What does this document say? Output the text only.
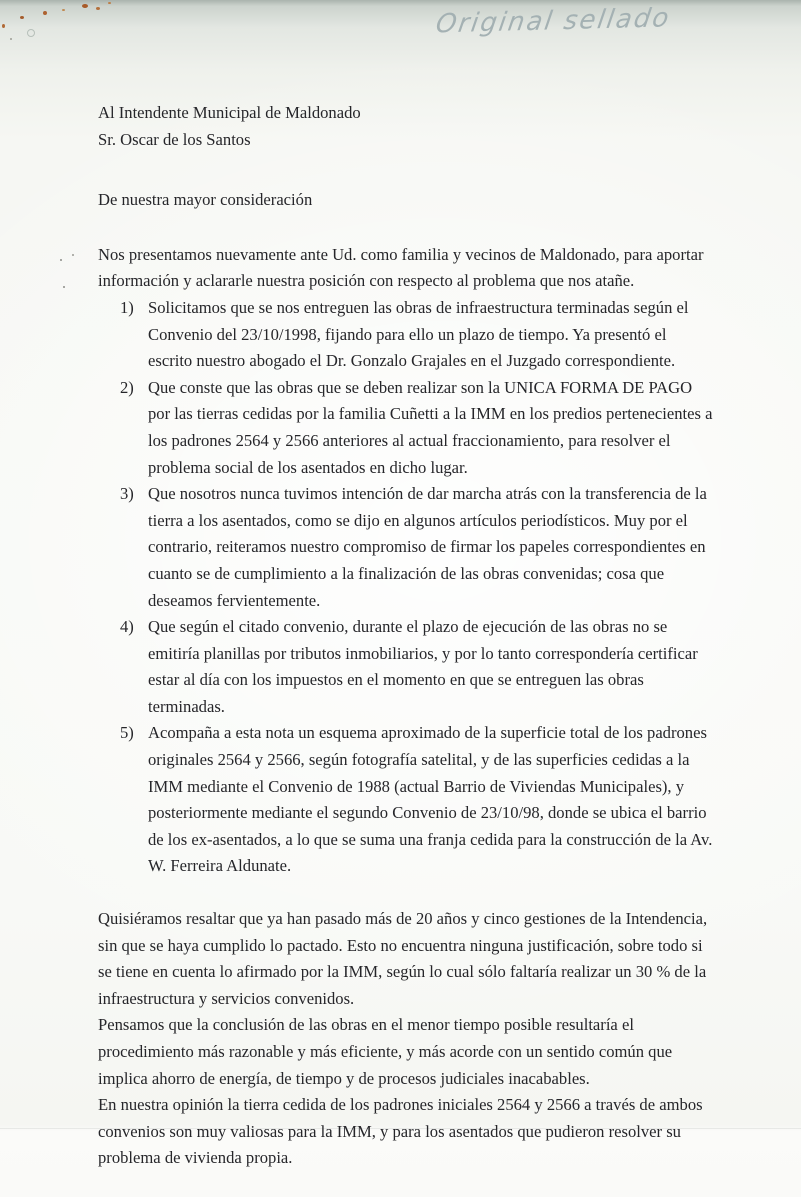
Original sellado

Al Intendente Municipal de Maldonado

Sr. Oscar de los Santos

De nuestra mayor consideración

Nos presentamos nuevamente ante Ud. como familia y vecinos de Maldonado, para aportar información y aclararle nuestra posición con respecto al problema que nos atañe.

1) Solicitamos que se nos entreguen las obras de infraestructura terminadas según el Convenio del 23/10/1998, fijando para ello un plazo de tiempo. Ya presentó el escrito nuestro abogado el Dr. Gonzalo Grajales en el Juzgado correspondiente.
2) Que conste que las obras que se deben realizar son la UNICA FORMA DE PAGO por las tierras cedidas por la familia Cuñetti a la IMM en los predios pertenecientes a los padrones 2564 y 2566 anteriores al actual fraccionamiento, para resolver el problema social de los asentados en dicho lugar.
3) Que nosotros nunca tuvimos intención de dar marcha atrás con la transferencia de la tierra a los asentados, como se dijo en algunos artículos periodísticos. Muy por el contrario, reiteramos nuestro compromiso de firmar los papeles correspondientes en cuanto se de cumplimiento a la finalización de las obras convenidas; cosa que deseamos fervientemente.
4) Que según el citado convenio, durante el plazo de ejecución de las obras no se emitiría planillas por tributos inmobiliarios, y por lo tanto correspondería certificar estar al día con los impuestos en el momento en que se entreguen las obras terminadas.
5) Acompaña a esta nota un esquema aproximado de la superficie total de los padrones originales 2564 y 2566, según fotografía satelital, y de las superficies cedidas a la IMM mediante el Convenio de 1988 (actual Barrio de Viviendas Municipales), y posteriormente mediante el segundo Convenio de 23/10/98, donde se ubica el barrio de los ex-asentados, a lo que se suma una franja cedida para la construcción de la Av. W. Ferreira Aldunate.

Quisiéramos resaltar que ya han pasado más de 20 años y cinco gestiones de la Intendencia, sin que se haya cumplido lo pactado. Esto no encuentra ninguna justificación, sobre todo si se tiene en cuenta lo afirmado por la IMM, según lo cual sólo faltaría realizar un 30 % de la infraestructura y servicios convenidos.

Pensamos que la conclusión de las obras en el menor tiempo posible resultaría el procedimiento más razonable y más eficiente, y más acorde con un sentido común que implica ahorro de energía, de tiempo y de procesos judiciales inacabables.

En nuestra opinión la tierra cedida de los padrones iniciales 2564 y 2566 a través de ambos convenios son muy valiosas para la IMM, y para los asentados que pudieron resolver su problema de vivienda propia.
